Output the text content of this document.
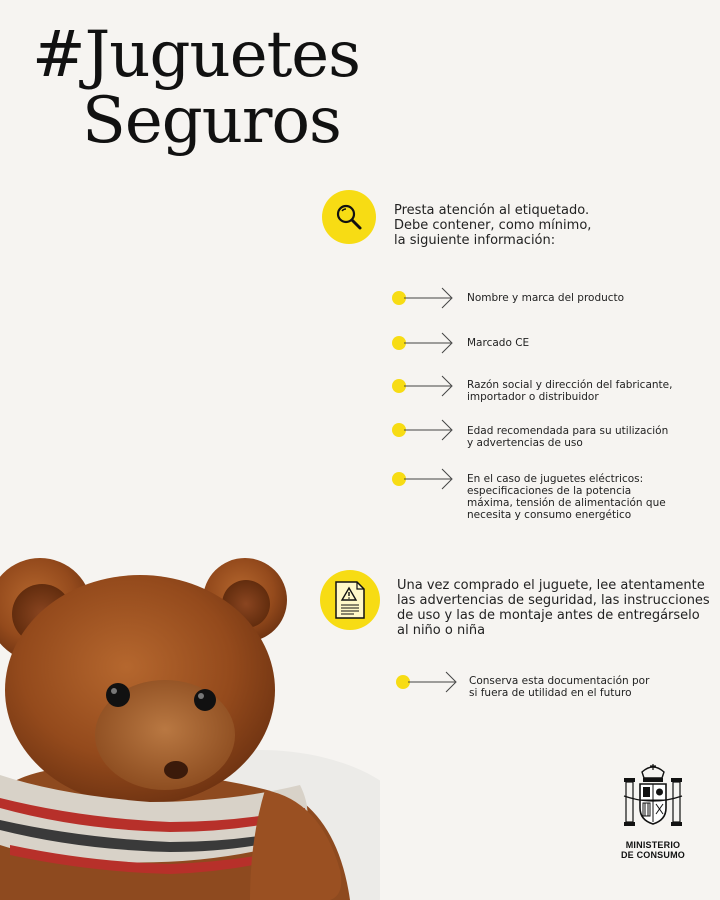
#Juguetes
Seguros

Presta atención al etiquetado.
Debe contener, como mínimo,
la siguiente información:

Nombre y marca del producto

Marcado CE

Razón social y dirección del fabricante,
importador o distribuidor

Edad recomendada para su utilización
y advertencias de uso

En el caso de juguetes eléctricos:
especificaciones de la potencia
máxima, tensión de alimentación que
necesita y consumo energético

Una vez comprado el juguete, lee atentamente
las advertencias de seguridad, las instrucciones
de uso y las de montaje antes de entregárselo
al niño o niña

Conserva esta documentación por
si fuera de utilidad en el futuro

MINISTERIO
DE CONSUMO
